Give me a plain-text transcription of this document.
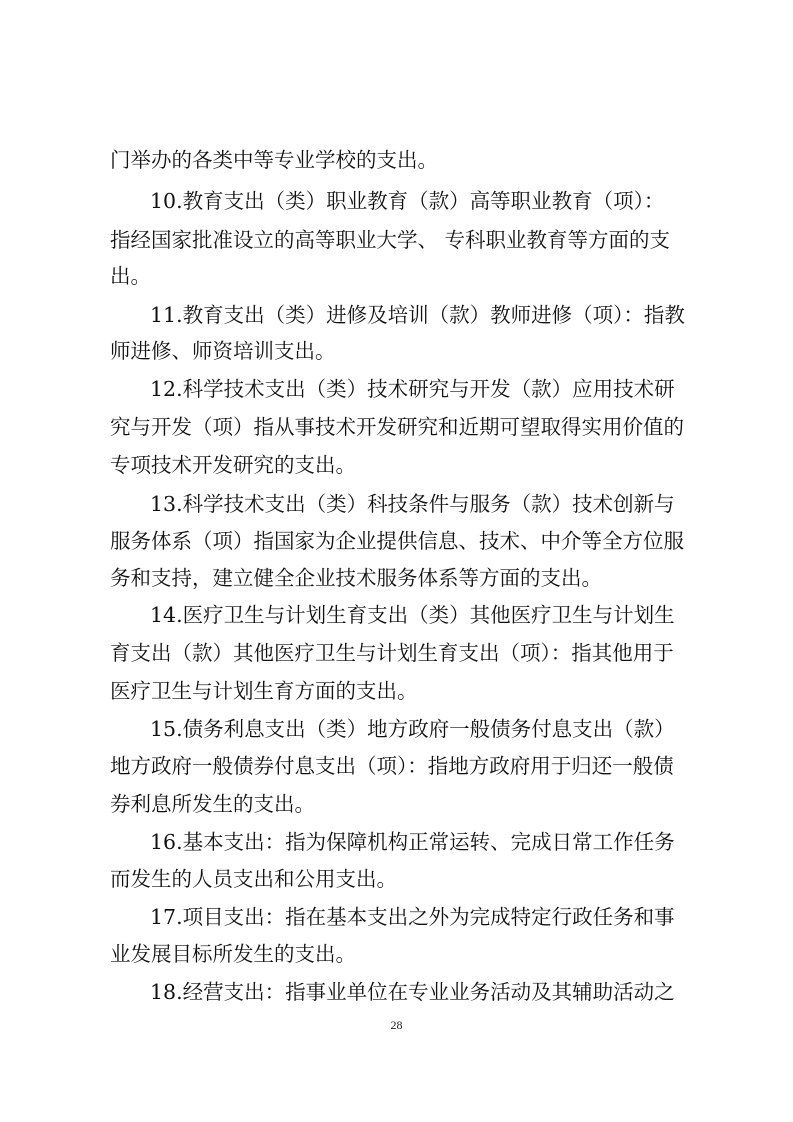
门举办的各类中等专业学校的支出。
10.教育支出（类）职业教育（款）高等职业教育（项）：
指经国家批准设立的高等职业大学、 专科职业教育等方面的支
出。
11.教育支出（类）进修及培训（款）教师进修（项）：指教
师进修、师资培训支出。
12.科学技术支出（类）技术研究与开发（款）应用技术研
究与开发（项）指从事技术开发研究和近期可望取得实用价值的
专项技术开发研究的支出。
13.科学技术支出（类）科技条件与服务（款）技术创新与
服务体系（项）指国家为企业提供信息、技术、中介等全方位服
务和支持，建立健全企业技术服务体系等方面的支出。
14.医疗卫生与计划生育支出（类）其他医疗卫生与计划生
育支出（款）其他医疗卫生与计划生育支出（项）：指其他用于
医疗卫生与计划生育方面的支出。
15.债务利息支出（类）地方政府一般债务付息支出（款）
地方政府一般债券付息支出（项）：指地方政府用于归还一般债
券利息所发生的支出。
16.基本支出：指为保障机构正常运转、完成日常工作任务
而发生的人员支出和公用支出。
17.项目支出：指在基本支出之外为完成特定行政任务和事
业发展目标所发生的支出。
18.经营支出：指事业单位在专业业务活动及其辅助活动之
28
